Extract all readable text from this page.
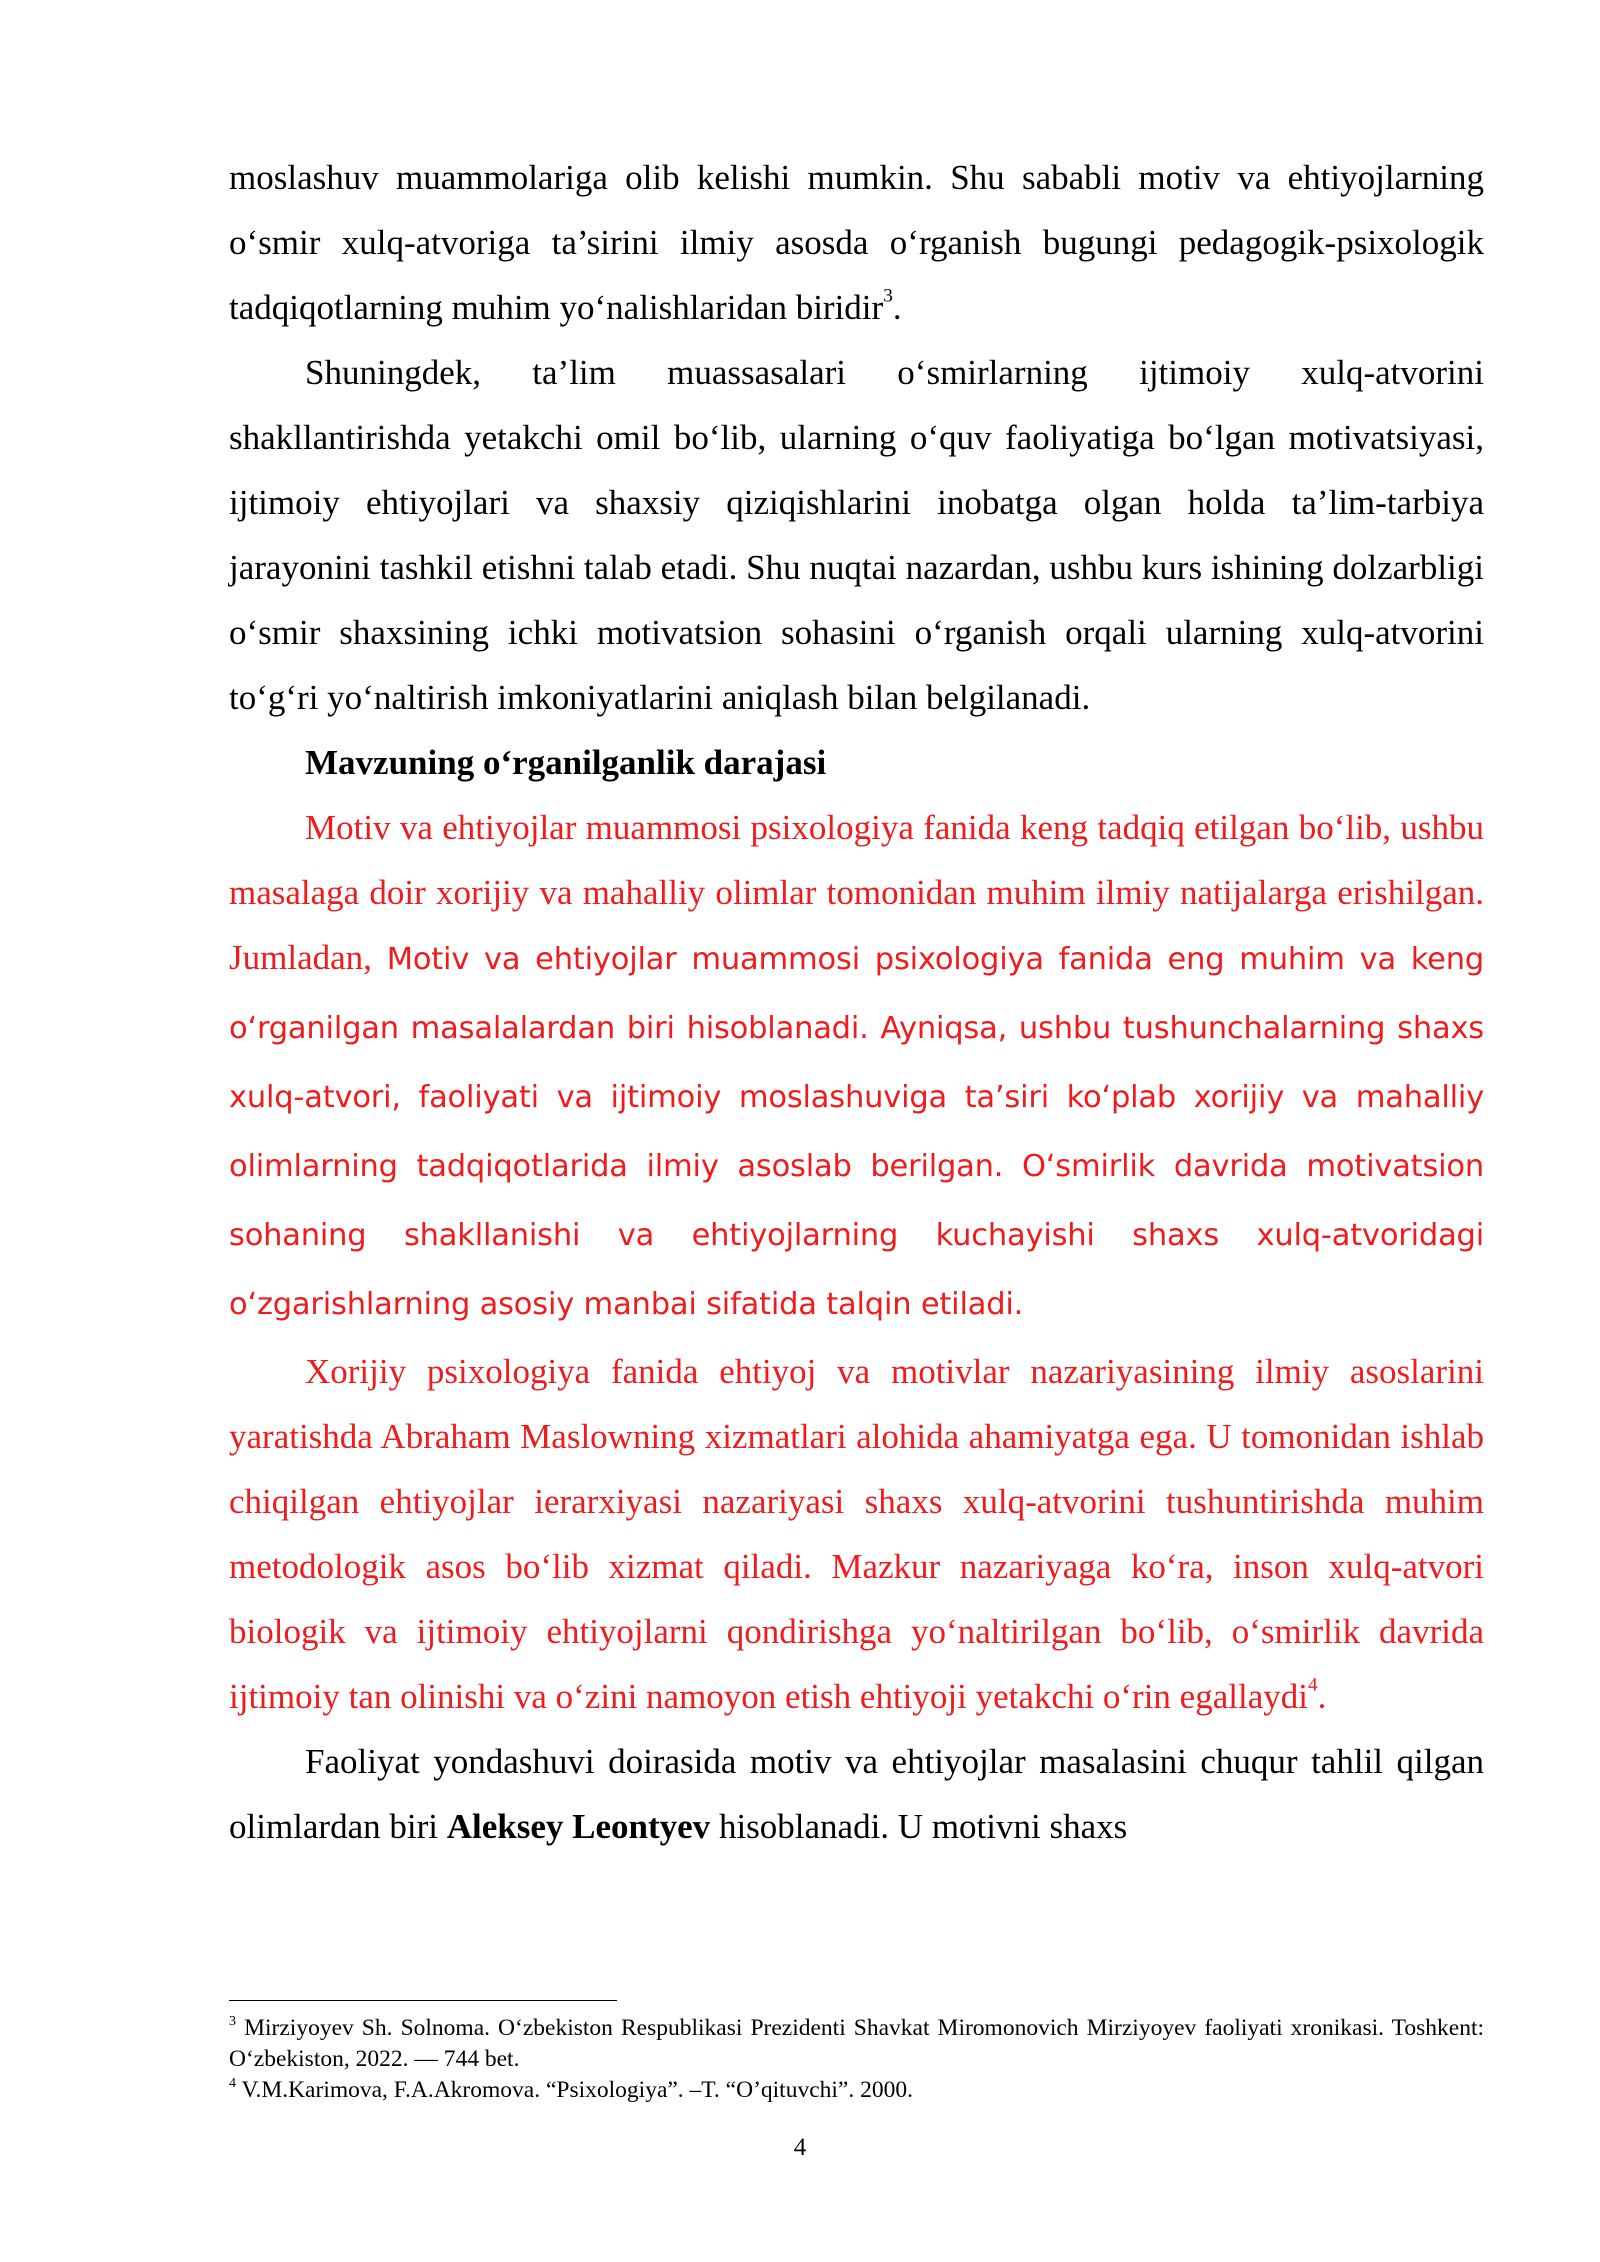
moslashuv muammolariga olib kelishi mumkin. Shu sababli motiv va ehtiyojlarning o‘smir xulq-atvoriga ta’sirini ilmiy asosda o‘rganish bugungi pedagogik-psixologik tadqiqotlarning muhim yo‘nalishlaridan biridir$^3$.

Shuningdek, ta’lim muassasalari o‘smirlarning ijtimoiy xulq-atvorini shakllantirishda yetakchi omil bo‘lib, ularning o‘quv faoliyatiga bo‘lgan motivatsiyasi, ijtimoiy ehtiyojlari va shaxsiy qiziqishlarini inobatga olgan holda ta’lim-tarbiya jarayonini tashkil etishni talab etadi. Shu nuqtai nazardan, ushbu kurs ishining dolzarbligi o‘smir shaxsining ichki motivatsion sohasini o‘rganish orqali ularning xulq-atvorini to‘g‘ri yo‘naltirish imkoniyatlarini aniqlash bilan belgilanadi.

Mavzuning o‘rganilganlik darajasi

Motiv va ehtiyojlar muammosi psixologiya fanida keng tadqiq etilgan bo‘lib, ushbu masalaga doir xorijiy va mahalliy olimlar tomonidan muhim ilmiy natijalarga erishilgan. Jumladan, Motiv va ehtiyojlar muammosi psixologiya fanida eng muhim va keng o‘rganilgan masalalardan biri hisoblanadi. Ayniqsa, ushbu tushunchalarning shaxs xulq-atvori, faoliyati va ijtimoiy moslashuviga ta’siri ko‘plab xorijiy va mahalliy olimlarning tadqiqotlarida ilmiy asoslab berilgan. O‘smirlik davrida motivatsion sohaning shakllanishi va ehtiyojlarning kuchayishi shaxs xulq-atvoridagi o‘zgarishlarning asosiy manbai sifatida talqin etiladi.

Xorijiy psixologiya fanida ehtiyoj va motivlar nazariyasining ilmiy asoslarini yaratishda Abraham Maslowning xizmatlari alohida ahamiyatga ega. U tomonidan ishlab chiqilgan ehtiyojlar ierarxiyasi nazariyasi shaxs xulq-atvorini tushuntirishda muhim metodologik asos bo‘lib xizmat qiladi. Mazkur nazariyaga ko‘ra, inson xulq-atvori biologik va ijtimoiy ehtiyojlarni qondirishga yo‘naltirilgan bo‘lib, o‘smirlik davrida ijtimoiy tan olinishi va o‘zini namoyon etish ehtiyoji yetakchi o‘rin egallaydi$^4$.

Faoliyat yondashuvi doirasida motiv va ehtiyojlar masalasini chuqur tahlil qilgan olimlardan biri Aleksey Leontyev hisoblanadi. U motivni shaxs

$^3$ Mirziyoyev Sh. Solnoma. O‘zbekiston Respublikasi Prezidenti Shavkat Miromonovich Mirziyoyev faoliyati xronikasi. Toshkent: O‘zbekiston, 2022. — 744 bet.

$^4$ V.M.Karimova, F.A.Akromova. “Psixologiya”. –T. “O’qituvchi”. 2000.

4
